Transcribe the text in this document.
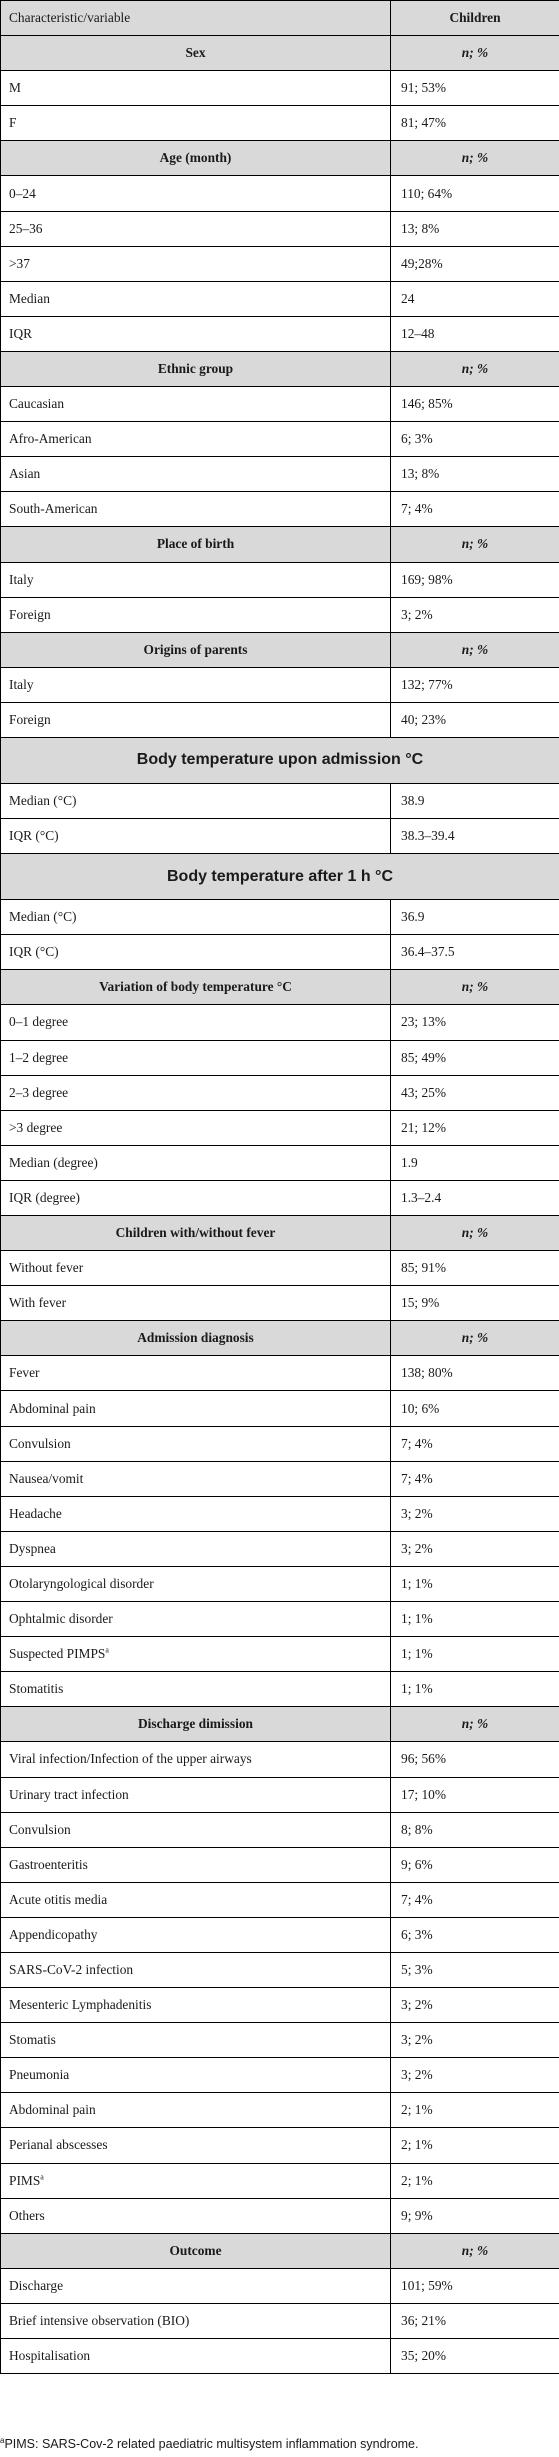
Characteristic/variable	Children
Sex	n; %
M	91; 53%
F	81; 47%
Age (month)	n; %
0–24	110; 64%
25–36	13; 8%
>37	49;28%
Median	24
IQR	12–48
Ethnic group	n; %
Caucasian	146; 85%
Afro-American	6; 3%
Asian	13; 8%
South-American	7; 4%
Place of birth	n; %
Italy	169; 98%
Foreign	3; 2%
Origins of parents	n; %
Italy	132; 77%
Foreign	40; 23%
Body temperature upon admission °C	
Median (°C)	38.9
IQR (°C)	38.3–39.4
Body temperature after 1 h °C	
Median (°C)	36.9
IQR (°C)	36.4–37.5
Variation of body temperature °C	n; %
0–1 degree	23; 13%
1–2 degree	85; 49%
2–3 degree	43; 25%
>3 degree	21; 12%
Median (degree)	1.9
IQR (degree)	1.3–2.4
Children with/without fever	n; %
Without fever	85; 91%
With fever	15; 9%
Admission diagnosis	n; %
Fever	138; 80%
Abdominal pain	10; 6%
Convulsion	7; 4%
Nausea/vomit	7; 4%
Headache	3; 2%
Dyspnea	3; 2%
Otolaryngological disorder	1; 1%
Ophtalmic disorder	1; 1%
Suspected PIMPS$^a$	1; 1%
Stomatitis	1; 1%
Discharge dimission	n; %
Viral infection/Infection of the upper airways	96; 56%
Urinary tract infection	17; 10%
Convulsion	8; 8%
Gastroenteritis	9; 6%
Acute otitis media	7; 4%
Appendicopathy	6; 3%
SARS-CoV-2 infection	5; 3%
Mesenteric Lymphadenitis	3; 2%
Stomatis	3; 2%
Pneumonia	3; 2%
Abdominal pain	2; 1%
Perianal abscesses	2; 1%
PIMS$^a$	2; 1%
Others	9; 9%
Outcome	n; %
Discharge	101; 59%
Brief intensive observation (BIO)	36; 21%
Hospitalisation	35; 20%
$^a$PIMS: SARS-Cov-2 related paediatric multisystem inflammation syndrome.
